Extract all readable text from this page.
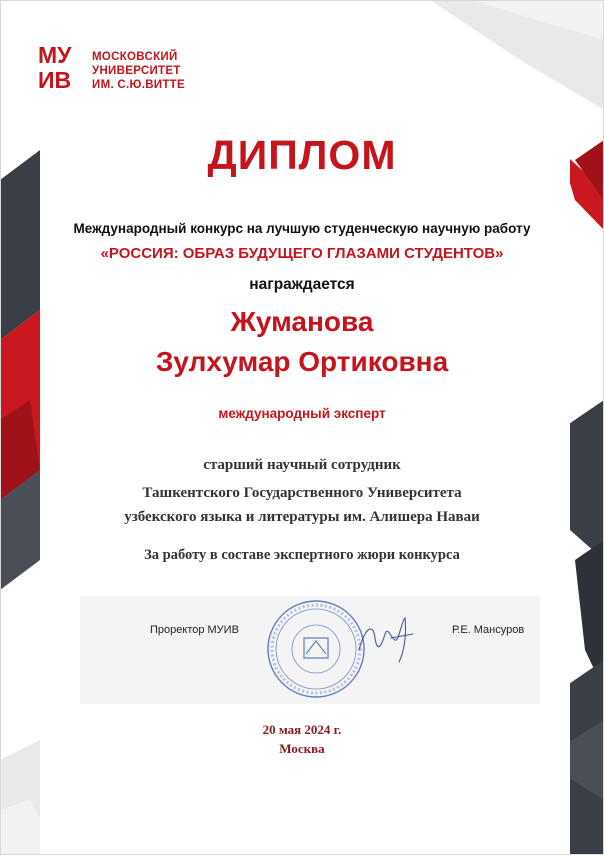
МУ
ИВ
МОСКОВСКИЙ
УНИВЕРСИТЕТ
ИМ. С.Ю.ВИТТЕ
ДИПЛОМ
Международный конкурс на лучшую студенческую научную работу
«РОССИЯ: ОБРАЗ БУДУЩЕГО ГЛАЗАМИ СТУДЕНТОВ»
награждается
Жуманова
Зулхумар Ортиковна
международный эксперт
старший научный сотрудник
Ташкентского Государственного Университета
узбекского языка и литературы им. Алишера Наваи
За работу в составе экспертного жюри конкурса
Проректор МУИВ	Р.Е. Мансуров
20 мая 2024 г.
Москва
